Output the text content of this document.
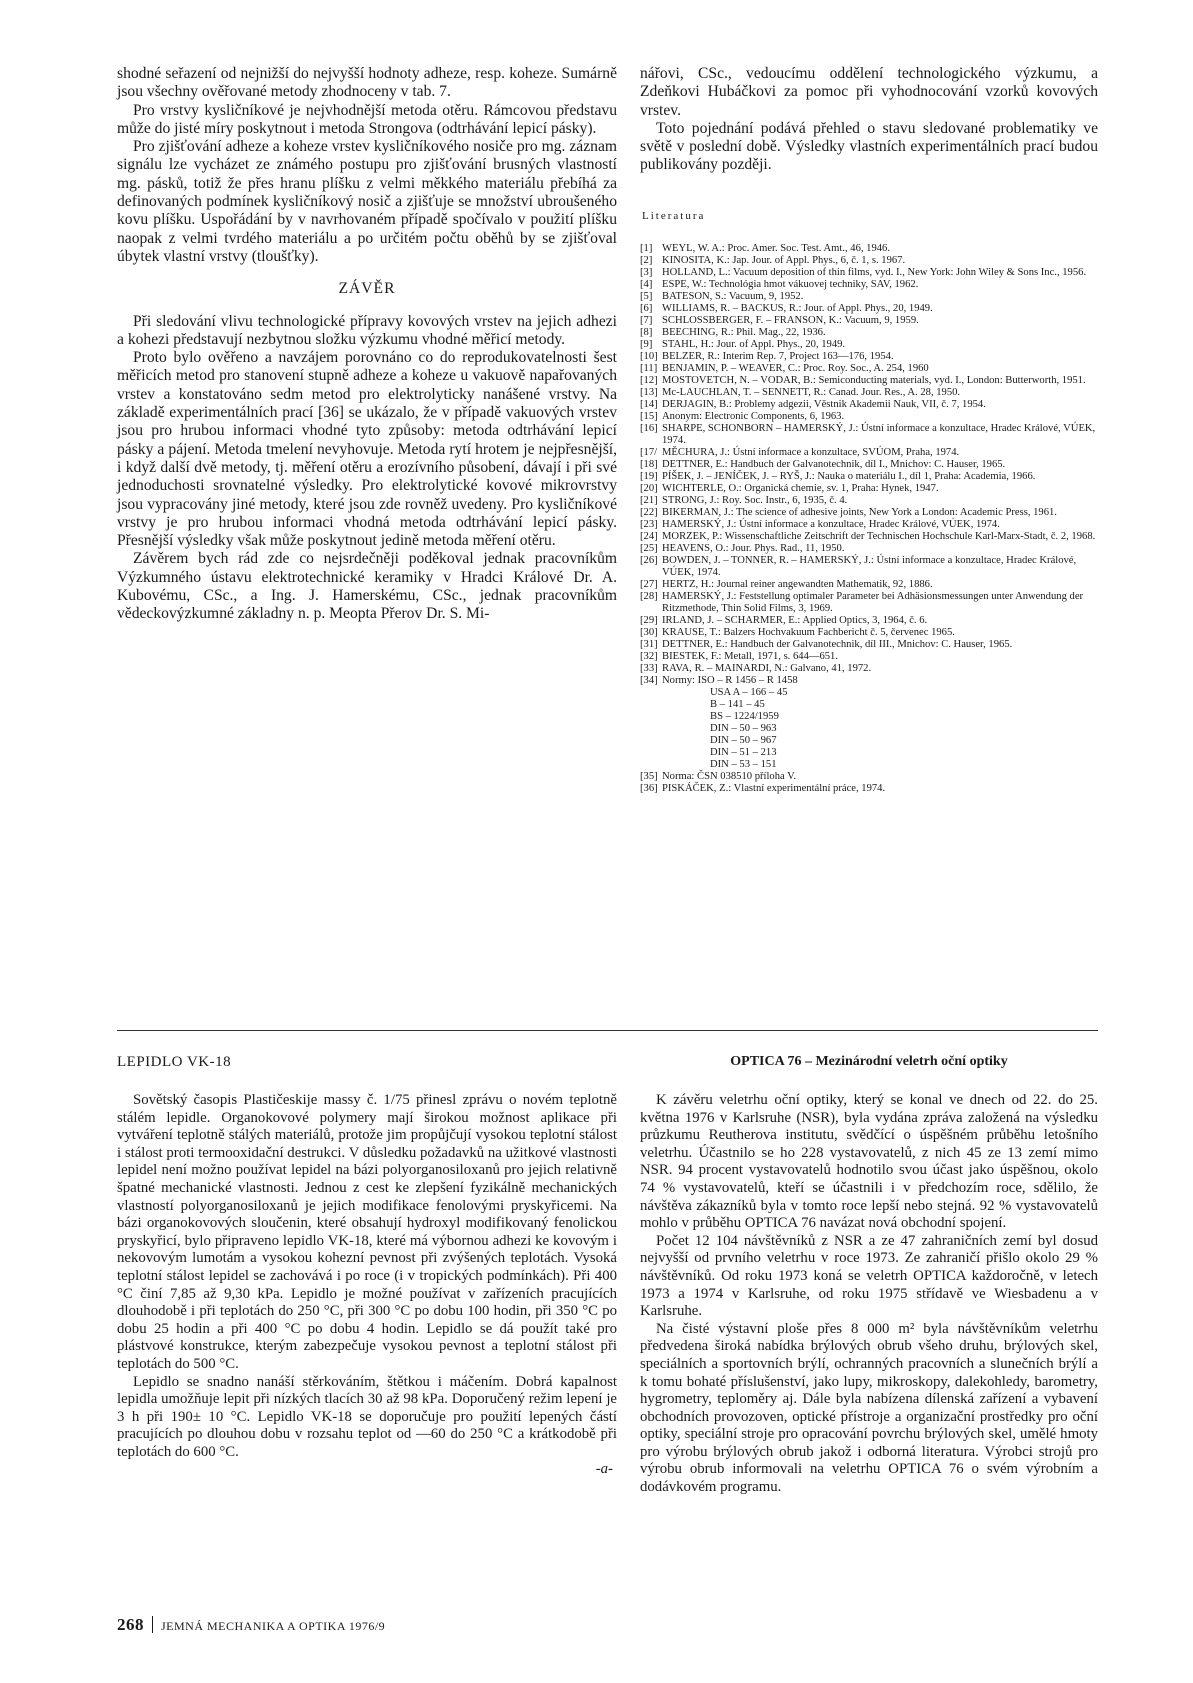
shodné seřazení od nejnižší do nejvyšší hodnoty adheze, resp. koheze. Sumárně jsou všechny ověřované metody zhodnoceny v tab. 7.

Pro vrstvy kysličníkové je nejvhodnější metoda otěru. Rámcovou představu může do jisté míry poskytnout i metoda Strongova (odtrhávání lepicí pásky).

Pro zjišťování adheze a koheze vrstev kysličníkového nosiče pro mg. záznam signálu lze vycházet ze známého postupu pro zjišťování brusných vlastností mg. pásků, totiž že přes hranu plíšku z velmi měkkého materiálu přebíhá za definovaných podmínek kysličníkový nosič a zjišťuje se množství ubroušeného kovu plíšku. Uspořádání by v navrhovaném případě spočívalo v použití plíšku naopak z velmi tvrdého materiálu a po určitém počtu oběhů by se zjišťoval úbytek vlastní vrstvy (tloušťky).

ZÁVĚR

Při sledování vlivu technologické přípravy kovových vrstev na jejich adhezi a kohezi představují nezbytnou složku výzkumu vhodné měřicí metody.

Proto bylo ověřeno a navzájem porovnáno co do reprodukovatelnosti šest měřicích metod pro stanovení stupně adheze a koheze u vakuově napařovaných vrstev a konstatováno sedm metod pro elektrolyticky nanášené vrstvy. Na základě experimentálních prací [36] se ukázalo, že v případě vakuových vrstev jsou pro hrubou informaci vhodné tyto způsoby: metoda odtrhávání lepicí pásky a pájení. Metoda tmelení nevyhovuje. Metoda rytí hrotem je nejpřesnější, i když další dvě metody, tj. měření otěru a erozívního působení, dávají i při své jednoduchosti srovnatelné výsledky. Pro elektrolytické kovové mikrovrstvy jsou vypracovány jiné metody, které jsou zde rovněž uvedeny. Pro kysličníkové vrstvy je pro hrubou informaci vhodná metoda odtrhávání lepicí pásky. Přesnější výsledky však může poskytnout jedině metoda měření otěru.

Závěrem bych rád zde co nejsrdečněji poděkoval jednak pracovníkům Výzkumného ústavu elektrotechnické keramiky v Hradci Králové Dr. A. Kubovému, CSc., a Ing. J. Hamerskému, CSc., jednak pracovníkům vědeckovýzkumné základny n. p. Meopta Přerov Dr. S. Mi-

nářovi, CSc., vedoucímu oddělení technologického výzkumu, a Zdeňkovi Hubáčkovi za pomoc při vyhodnocování vzorků kovových vrstev.

Toto pojednání podává přehled o stavu sledované problematiky ve světě v poslední době. Výsledky vlastních experimentálních prací budou publikovány později.

Literatura
[1] WEYL, W. A.: Proc. Amer. Soc. Test. Amt., 46, 1946.
[2] KINOSITA, K.: Jap. Jour. of Appl. Phys., 6, č. 1, s. 1967.
[3] HOLLAND, L.: Vacuum deposition of thin films, vyd. I., New York: John Wiley & Sons Inc., 1956.
[4] ESPE, W.: Technológia hmot vákuovej techniky, SAV, 1962.
[5] BATESON, S.: Vacuum, 9, 1952.
[6] WILLIAMS, R. – BACKUS, R.: Jour. of Appl. Phys., 20, 1949.
[7] SCHLOSSBERGER, F. – FRANSON, K.: Vacuum, 9, 1959.
[8] BEECHING, R.: Phil. Mag., 22, 1936.
[9] STAHL, H.: Jour. of Appl. Phys., 20, 1949.
[10] BELZER, R.: Interim Rep. 7, Project 163—176, 1954.
[11] BENJAMIN, P. – WEAVER, C.: Proc. Roy. Soc., A. 254, 1960
[12] MOSTOVETCH, N. – VODAR, B.: Semiconducting materials, vyd. I., London: Butterworth, 1951.
[13] Mc-LAUCHLAN, T. – SENNETT, R.: Canad. Jour. Res., A. 28, 1950.
[14] DERJAGIN, B.: Problemy adgezii, Věstnik Akademii Nauk, VII, č. 7, 1954.
[15] Anonym: Electronic Components, 6, 1963.
[16] SHARPE, SCHONBORN – HAMERSKÝ, J.: Ústní informace a konzultace, Hradec Králové, VÚEK, 1974.
[17/ MĚCHURA, J.: Ústní informace a konzultace, SVÚOM, Praha, 1974.
[18] DETTNER, E.: Handbuch der Galvanotechnik, díl I., Mnichov: C. Hauser, 1965.
[19] PÍŠEK, J. – JENÍČEK, J. – RYŠ, J.: Nauka o materiálu I., díl 1, Praha: Academia, 1966.
[20] WICHTERLE, O.: Organická chemie, sv. 1, Praha: Hynek, 1947.
[21] STRONG, J.: Roy. Soc. Instr., 6, 1935, č. 4.
[22] BIKERMAN, J.: The science of adhesive joints, New York a London: Academic Press, 1961.
[23] HAMERSKÝ, J.: Ústní informace a konzultace, Hradec Králové, VÚEK, 1974.
[24] MORZEK, P.: Wissenschaftliche Zeitschrift der Technischen Hochschule Karl-Marx-Stadt, č. 2, 1968.
[25] HEAVENS, O.: Jour. Phys. Rad., 11, 1950.
[26] BOWDEN, J. – TONNER, R. – HAMERSKÝ, J.: Ústní informace a konzultace, Hradec Králové, VÚEK, 1974.
[27] HERTZ, H.: Journal reiner angewandten Mathematik, 92, 1886.
[28] HAMERSKÝ, J.: Feststellung optimaler Parameter bei Adhäsionsmessungen unter Anwendung der Ritzmethode, Thin Solid Films, 3, 1969.
[29] IRLAND, J. – SCHARMER, E.: Applied Optics, 3, 1964, č. 6.
[30] KRAUSE, T.: Balzers Hochvakuum Fachbericht č. 5, červenec 1965.
[31] DETTNER, E.: Handbuch der Galvanotechnik, díl III., Mnichov: C. Hauser, 1965.
[32] BIESTEK, F.: Metall, 1971, s. 644—651.
[33] RAVA, R. – MAINARDI, N.: Galvano, 41, 1972.
[34] Normy: ISO – R 1456 – R 1458
USA A – 166 – 45
B – 141 – 45
BS – 1224/1959
DIN – 50 – 963
DIN – 50 – 967
DIN – 51 – 213
DIN – 53 – 151
[35] Norma: ČSN 038510 příloha V.
[36] PISKÁČEK, Z.: Vlastní experimentální práce, 1974.
LEPIDLO VK-18

Sovětský časopis Plastičeskije massy č. 1/75 přinesl zprávu o novém teplotně stálém lepidle. Organokovové polymery mají širokou možnost aplikace při vytváření teplotně stálých materiálů, protože jim propůjčují vysokou teplotní stálost i stálost proti termooxidační destrukci. V důsledku požadavků na užitkové vlastnosti lepidel není možno používat lepidel na bázi polyorganosiloxanů pro jejich relativně špatné mechanické vlastnosti. Jednou z cest ke zlepšení fyzikálně mechanických vlastností polyorganosiloxanů je jejich modifikace fenolovými pryskyřicemi. Na bázi organokovových sloučenin, které obsahují hydroxyl modifikovaný fenolickou pryskyřicí, bylo připraveno lepidlo VK-18, které má výbornou adhezi ke kovovým i nekovovým lumotám a vysokou kohezní pevnost při zvýšených teplotách. Vysoká teplotní stálost lepidel se zachovává i po roce (i v tropických podmínkách). Při 400 °C činí 7,85 až 9,30 kPa. Lepidlo je možné používat v zařízeních pracujících dlouhodobě i při teplotách do 250 °C, při 300 °C po dobu 100 hodin, při 350 °C po dobu 25 hodin a při 400 °C po dobu 4 hodin. Lepidlo se dá použít také pro plástvové konstrukce, kterým zabezpečuje vysokou pevnost a teplotní stálost při teplotách do 500 °C.

Lepidlo se snadno nanáší stěrkováním, štětkou i máčením. Dobrá kapalnost lepidla umožňuje lepit při nízkých tlacích 30 až 98 kPa. Doporučený režim lepení je 3 h při 190± 10 °C. Lepidlo VK-18 se doporučuje pro použití lepených částí pracujících po dlouhou dobu v rozsahu teplot od —60 do 250 °C a krátkodobě při teplotách do 600 °C.

-a-
OPTICA 76 – Mezinárodní veletrh oční optiky

K závěru veletrhu oční optiky, který se konal ve dnech od 22. do 25. května 1976 v Karlsruhe (NSR), byla vydána zpráva založená na výsledku průzkumu Reutherova institutu, svědčící o úspěšném průběhu letošního veletrhu. Účastnilo se ho 228 vystavovatelů, z nich 45 ze 13 zemí mimo NSR. 94 procent vystavovatelů hodnotilo svou účast jako úspěšnou, okolo 74 % vystavovatelů, kteří se účastnili i v předchozím roce, sdělilo, že návštěva zákazníků byla v tomto roce lepší nebo stejná. 92 % vystavovatelů mohlo v průběhu OPTICA 76 navázat nová obchodní spojení.

Počet 12 104 návštěvníků z NSR a ze 47 zahraničních zemí byl dosud nejvyšší od prvního veletrhu v roce 1973. Ze zahraničí přišlo okolo 29 % návštěvníků. Od roku 1973 koná se veletrh OPTICA každoročně, v letech 1973 a 1974 v Karlsruhe, od roku 1975 střídavě ve Wiesbadenu a v Karlsruhe.

Na čisté výstavní ploše přes 8 000 m² byla návštěvníkům veletrhu předvedena široká nabídka brýlových obrub všeho druhu, brýlových skel, speciálních a sportovních brýlí, ochranných pracovních a slunečních brýlí a k tomu bohaté příslušenství, jako lupy, mikroskopy, dalekohledy, barometry, hygrometry, teploměry aj. Dále byla nabízena dílenská zařízení a vybavení obchodních provozoven, optické přístroje a organizační prostředky pro oční optiky, speciální stroje pro opracování povrchu brýlových skel, umělé hmoty pro výrobu brýlových obrub jakož i odborná literatura. Výrobci strojů pro výrobu obrub informovali na veletrhu OPTICA 76 o svém výrobním a dodávkovém programu.

268 JEMNÁ MECHANIKA A OPTIKA 1976/9
